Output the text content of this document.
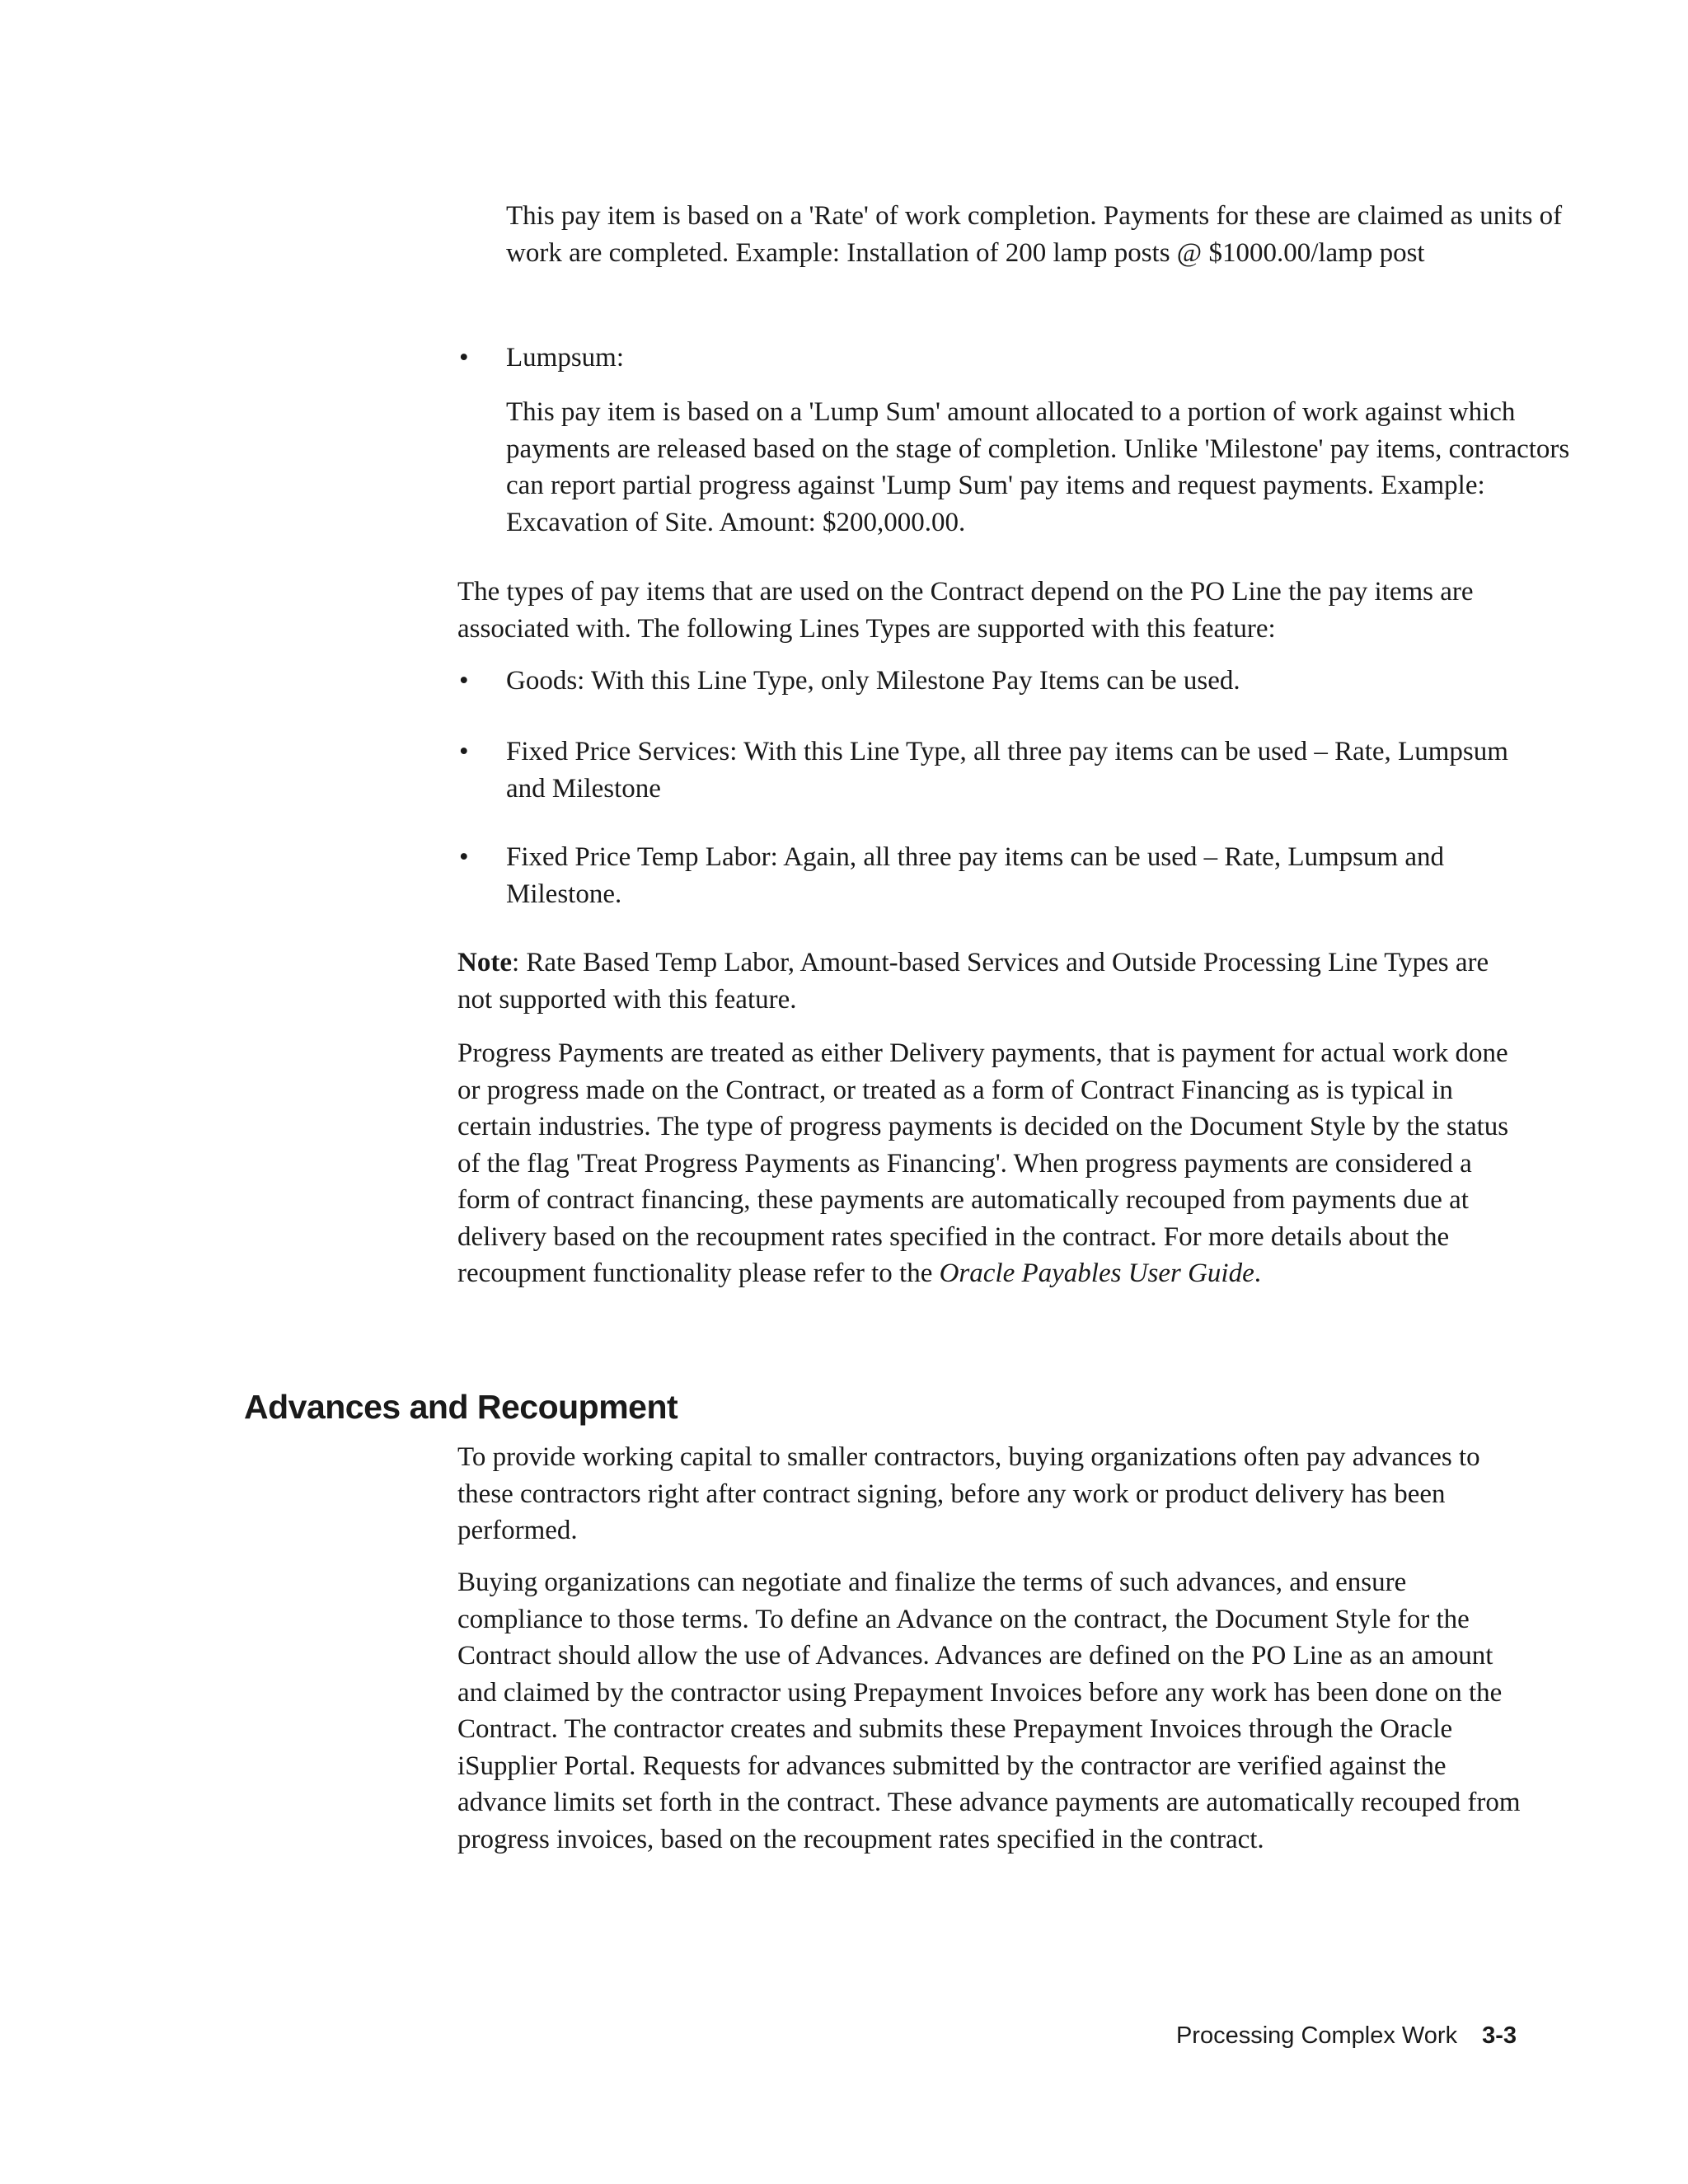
This pay item is based on a 'Rate' of work completion. Payments for these are claimed as units of work are completed. Example: Installation of 200 lamp posts @ $1000.00/lamp post

• Lumpsum:

This pay item is based on a 'Lump Sum' amount allocated to a portion of work against which payments are released based on the stage of completion. Unlike 'Milestone' pay items, contractors can report partial progress against 'Lump Sum' pay items and request payments. Example: Excavation of Site. Amount: $200,000.00.

The types of pay items that are used on the Contract depend on the PO Line the pay items are associated with. The following Lines Types are supported with this feature:

• Goods: With this Line Type, only Milestone Pay Items can be used.
• Fixed Price Services: With this Line Type, all three pay items can be used – Rate, Lumpsum and Milestone
• Fixed Price Temp Labor: Again, all three pay items can be used – Rate, Lumpsum and Milestone.

Note: Rate Based Temp Labor, Amount-based Services and Outside Processing Line Types are not supported with this feature.

Progress Payments are treated as either Delivery payments, that is payment for actual work done or progress made on the Contract, or treated as a form of Contract Financing as is typical in certain industries. The type of progress payments is decided on the Document Style by the status of the flag 'Treat Progress Payments as Financing'. When progress payments are considered a form of contract financing, these payments are automatically recouped from payments due at delivery based on the recoupment rates specified in the contract. For more details about the recoupment functionality please refer to the Oracle Payables User Guide.

Advances and Recoupment

To provide working capital to smaller contractors, buying organizations often pay advances to these contractors right after contract signing, before any work or product delivery has been performed.

Buying organizations can negotiate and finalize the terms of such advances, and ensure compliance to those terms. To define an Advance on the contract, the Document Style for the Contract should allow the use of Advances. Advances are defined on the PO Line as an amount and claimed by the contractor using Prepayment Invoices before any work has been done on the Contract. The contractor creates and submits these Prepayment Invoices through the Oracle iSupplier Portal. Requests for advances submitted by the contractor are verified against the advance limits set forth in the contract. These advance payments are automatically recouped from progress invoices, based on the recoupment rates specified in the contract.

Processing Complex Work 3-3
